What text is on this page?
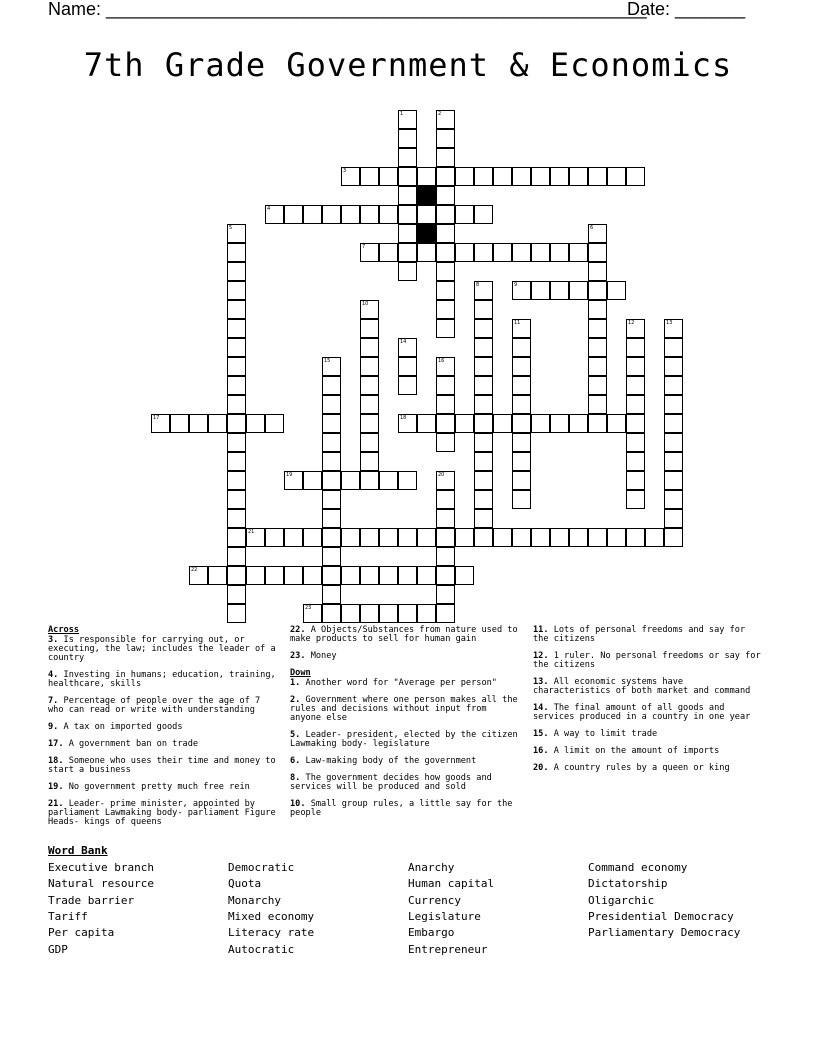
Name: ______________________________________________________
Date: _______
7th Grade Government & Economics
1	2
3
4
5	6
7
8	9
10
11	12	13
14
15	16
17	18
19	20
21
22
23
Across
3. Is responsible for carrying out, or executing, the law; includes the leader of a country
4. Investing in humans; education, training, healthcare, skills
7. Percentage of people over the age of 7 who can read or write with understanding
9. A tax on imported goods
17. A government ban on trade
18. Someone who uses their time and money to start a business
19. No government pretty much free rein
21. Leader- prime minister, appointed by parliament Lawmaking body- parliament Figure Heads- kings of queens
22. A Objects/Substances from nature used to make products to sell for human gain
23. Money
Down
1. Another word for "Average per person"
2. Government where one person makes all the rules and decisions without input from anyone else
5. Leader- president, elected by the citizen Lawmaking body- legislature
6. Law-making body of the government
8. The government decides how goods and services will be produced and sold
10. Small group rules, a little say for the people
11. Lots of personal freedoms and say for the citizens
12. 1 ruler. No personal freedoms or say for the citizens
13. All economic systems have characteristics of both market and command
14. The final amount of all goods and services produced in a country in one year
15. A way to limit trade
16. A limit on the amount of imports
20. A country rules by a queen or king
Word Bank
Executive branch	Democratic	Anarchy	Command economy
Natural resource	Quota	Human capital	Dictatorship
Trade barrier	Monarchy	Currency	Oligarchic
Tariff	Mixed economy	Legislature	Presidential Democracy
Per capita	Literacy rate	Embargo	Parliamentary Democracy
GDP	Autocratic	Entrepreneur
